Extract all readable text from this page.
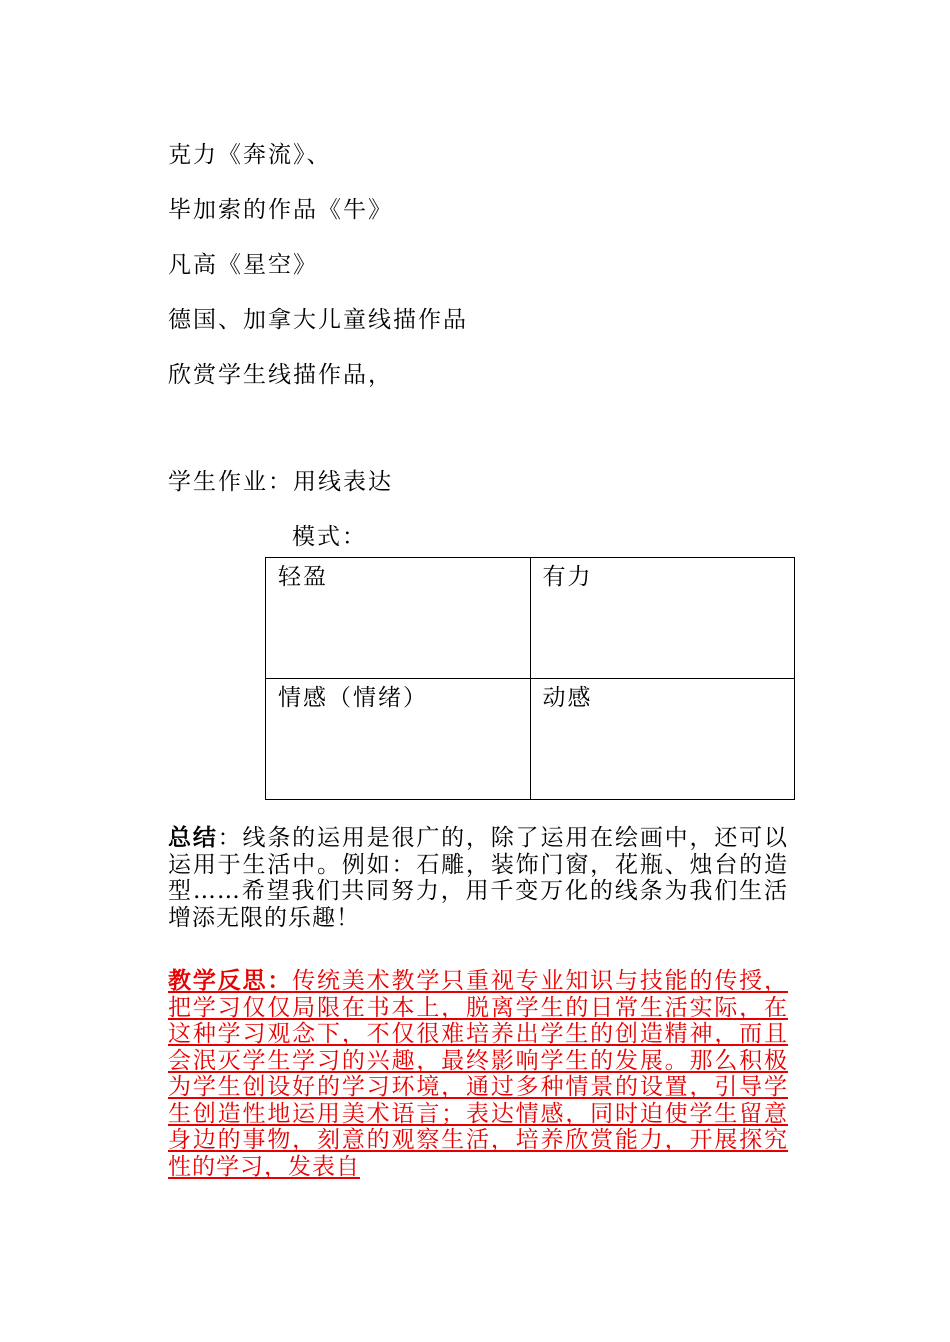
克力《奔流》、
毕加索的作品《牛》
凡高《星空》
德国、加拿大儿童线描作品
欣赏学生线描作品，
学生作业：用线表达
模式：
轻盈	有力
情感（情绪）	动感
总结：线条的运用是很广的，除了运用在绘画中，还可以运用于生活中。例如：石雕，装饰门窗，花瓶、烛台的造型……希望我们共同努力，用千变万化的线条为我们生活增添无限的乐趣！
教学反思：传统美术教学只重视专业知识与技能的传授，把学习仅仅局限在书本上，脱离学生的日常生活实际，在这种学习观念下，不仅很难培养出学生的创造精神，而且会泯灭学生学习的兴趣，最终影响学生的发展。那么积极为学生创设好的学习环境，通过多种情景的设置，引导学生创造性地运用美术语言；表达情感，同时迫使学生留意身边的事物，刻意的观察生活，培养欣赏能力，开展探究性的学习，发表自
